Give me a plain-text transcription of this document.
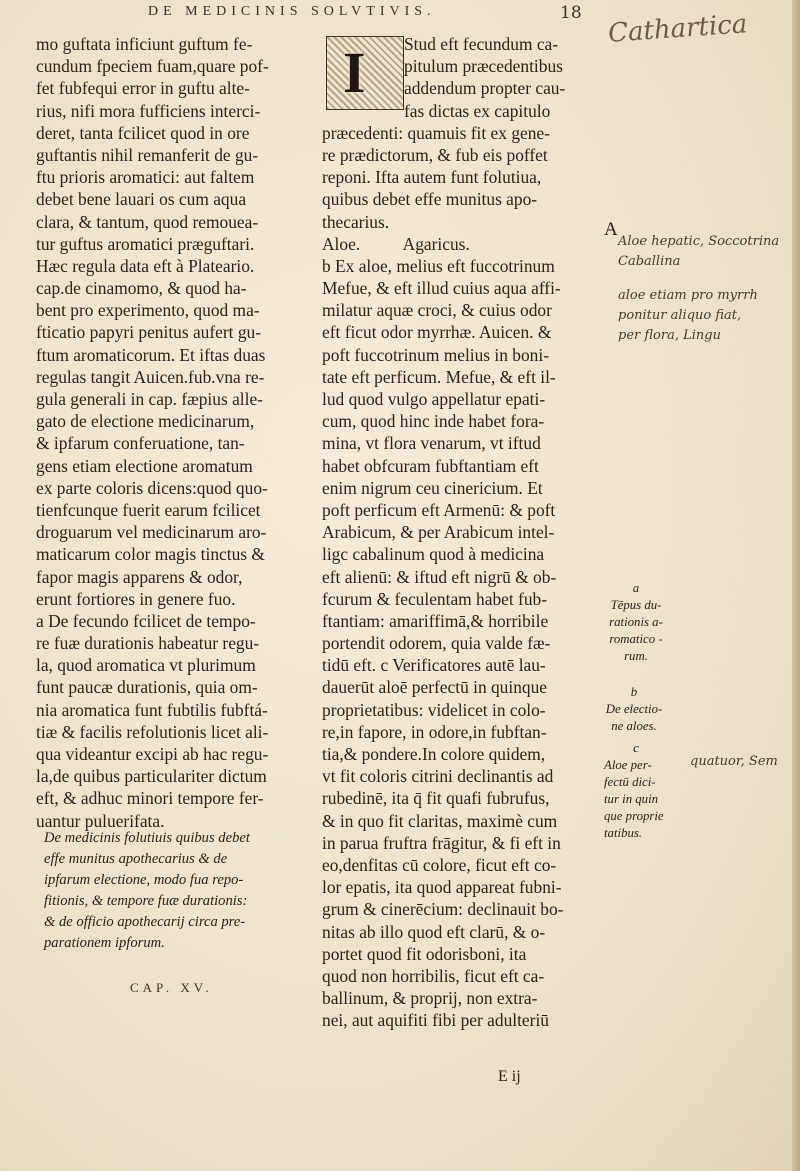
DE MEDICINIS SOLVTIVIS.	18 Cathartica
mo guftata inficiunt guftum fe-
cundum fpeciem fuam,quare pof-
fet fubfequi error in guftu alte-
rius, nifi mora fufficiens interci-
deret, tanta fcilicet quod in ore
guftantis nihil remanferit de gu-
ftu prioris aromatici: aut faltem
debet bene lauari os cum aqua
clara, & tantum, quod remouea-
tur guftus aromatici præguftari.
Hæc regula data eft à Plateario.
cap.de cinamomo, & quod ha-
bent pro experimento, quod ma-
fticatio papyri penitus aufert gu-
ftum aromaticorum. Et iftas duas
regulas tangit Auicen.fub.vna re-
gula generali in cap. fæpius alle-
gato de electione medicinarum,
& ipfarum conferuatione, tan-
gens etiam electione aromatum
ex parte coloris dicens:quod quo-
tienfcunque fuerit earum fcilicet
droguarum vel medicinarum aro-
maticarum color magis tinctus &
fapor magis apparens & odor,
erunt fortiores in genere fuo.
a De fecundo fcilicet de tempo-
re fuæ durationis habeatur regu-
la, quod aromatica vt plurimum
funt paucæ durationis, quia om-
nia aromatica funt fubtilis fubftá-
tiæ & facilis refolutionis licet ali-
qua videantur excipi ab hac regu-
la,de quibus particulariter dictum
eft, & adhuc minori tempore fer-
uantur puluerifata.
De medicinis folutiuis quibus debet
effe munitus apothecarius & de
ipfarum electione, modo fua repo-
fitionis, & tempore fuæ durationis:
& de officio apothecarij circa pre-
parationem ipforum.
CAP. XV.
I	Stud eft fecundum ca-
pitulum præcedentibus
addendum propter cau-
fas dictas ex capitulo
præcedenti: quamuis fit ex gene-
re prædictorum, & fub eis poffet
reponi. Ifta autem funt folutiua,
quibus debet effe munitus apo-
thecarius.
Aloe.          Agaricus.
b Ex aloe, melius eft fuccotrinum
Mefue, & eft illud cuius aqua affi-
milatur aquæ croci, & cuius odor
eft ficut odor myrrhæ. Auicen. &
poft fuccotrinum melius in boni-
tate eft perficum. Mefue, & eft il-
lud quod vulgo appellatur epati-
cum, quod hinc inde habet fora-
mina, vt flora venarum, vt iftud
habet obfcuram fubftantiam eft
enim nigrum ceu cinericium. Et
poft perficum eft Armenū: & poft
Arabicum, & per Arabicum intel-
ligc cabalinum quod à medicina
eft alienū: & iftud eft nigrū & ob-
fcurum & feculentam habet fub-
ftantiam: amariffimā,& horribile
portendit odorem, quia valde fæ-
tidū eft. c Verificatores autē lau-
dauerūt aloē perfectū in quinque
proprietatibus: videlicet in colo-
re,in fapore, in odore,in fubftan-
tia,& pondere.In colore quidem,
vt fit coloris citrini declinantis ad
rubedinē, ita q̄ fit quafi fubrufus,
& in quo fit claritas, maximè cum
in parua fruftra frāgitur, & fi eft in
eo,denfitas cū colore, ficut eft co-
lor epatis, ita quod appareat fubni-
grum & cinerēcium: declinauit bo-
nitas ab illo quod eft clarū, & o-
portet quod fit odorisboni, ita
quod non horribilis, ficut eft ca-
ballinum, & proprij, non extra-
nei, aut aquifiti fibi per adulteriū
E ij
A
Aloe hepatic, Soccotrina
Caballina
aloe etiam pro myrrh
ponitur aliquo fiat,
per flora, Lingu
a
Tēpus du-
rationis a-
romatico -
rum.
b
De electio-
ne aloes.
c
Aloe per-
fectū dici-
tur in quin
que proprie
tatibus.
quatuor, Sem
